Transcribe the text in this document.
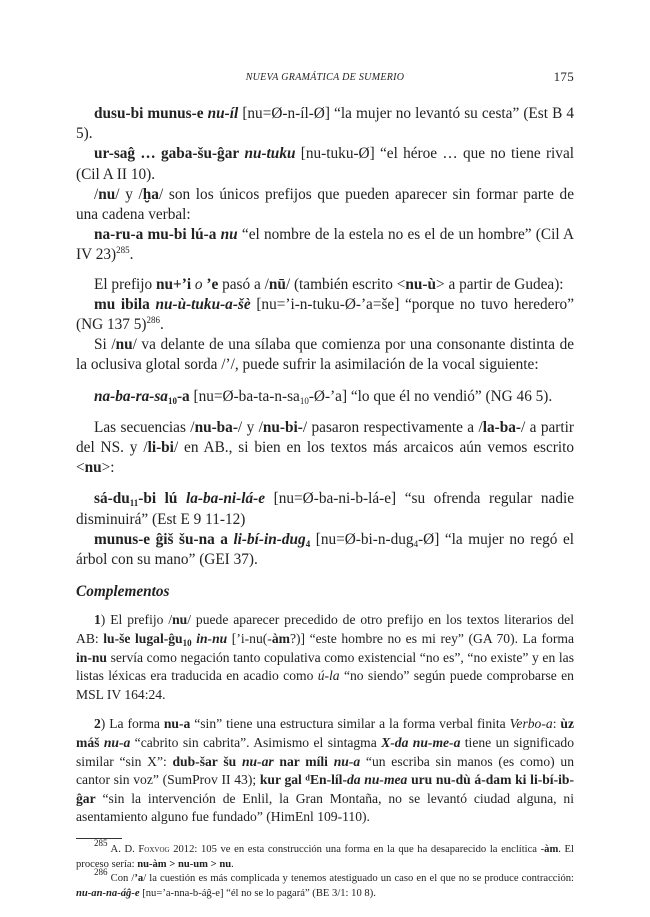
NUEVA GRAMÁTICA DE SUMERIO	175

dusu-bi munus-e nu-íl [nu=Ø-n-íl-Ø] “la mujer no levantó su cesta” (Est B 4 5).

ur-saĝ … gaba-šu-ĝar nu-tuku [nu-tuku-Ø] “el héroe … que no tiene rival (Cil A II 10).

/nu/ y /ḫa/ son los únicos prefijos que pueden aparecer sin formar parte de una cadena verbal:

na-ru-a mu-bi lú-a nu “el nombre de la estela no es el de un hombre” (Cil A IV 23)$^{285}$.

El prefijo nu+’i o ’e pasó a /nū/ (también escrito <nu-ù> a partir de Gudea):

mu ibila nu-ù-tuku-a-šè [nu=’i-n-tuku-Ø-’a=še] “porque no tuvo heredero” (NG 137 5)$^{286}$.

Si /nu/ va delante de una sílaba que comienza por una consonante distinta de la oclusiva glotal sorda /’/, puede sufrir la asimilación de la vocal siguiente:

$na-ba-ra-sa_{10}-a$ $[nu=Ø-ba-ta-n-sa_{10}-Ø-’a]$ “lo que él no vendió” (NG 46 5).

Las secuencias /nu-ba-/ y /nu-bi-/ pasaron respectivamente a /la-ba-/ a partir del NS. y /li-bi/ en AB., si bien en los textos más arcaicos aún vemos escrito <nu>:

$sá-du_{11}-bi$ lú la-ba-ni-lá-e [nu=Ø-ba-ni-b-lá-e] “su ofrenda regular nadie disminuirá” (Est E 9 11-12)

munus-e ĝiš šu-na a li-bí-in-dug$_4$ [nu=Ø-bi-n-dug$_4$-Ø] “la mujer no regó el árbol con su mano” (GEI 37).

Complementos

1) El prefijo /nu/ puede aparecer precedido de otro prefijo en los textos literarios del AB: lu-še lugal-$ĝu_{10}$ in-nu [’i-nu(-àm?)] “este hombre no es mi rey” (GA 70). La forma in-nu servía como negación tanto copulativa como existencial “no es”, “no existe” y en las listas léxicas era traducida en acadio como ú-la “no siendo” según puede comprobarse en MSL IV 164:24.

2) La forma nu-a “sin” tiene una estructura similar a la forma verbal finita Verbo-a: ùz máš nu-a “cabrito sin cabrita”. Asimismo el sintagma X-da nu-me-a tiene un significado similar “sin X”: dub-šar šu nu-ar nar míli nu-a “un escriba sin manos (es como) un cantor sin voz” (SumProv II 43); kur gal ᵈEn-líl-da nu-mea uru nu-dù á-dam ki li-bí-ib-ĝar “sin la intervención de Enlil, la Gran Montaña, no se levantó ciudad alguna, ni asentamiento alguno fue fundado” (HimEnl 109-110).

$^{285}$ A. D. Foxvog 2012: 105 ve en esta construcción una forma en la que ha desaparecido la enclítica -àm. El proceso sería: nu-àm > nu-um > nu.

$^{286}$ Con /’a/ la cuestión es más complicada y tenemos atestiguado un caso en el que no se produce contracción: nu-an-na-áĝ-e [nu=’a-nna-b-áĝ-e] “él no se lo pagará” (BE 3/1: 10 8).
